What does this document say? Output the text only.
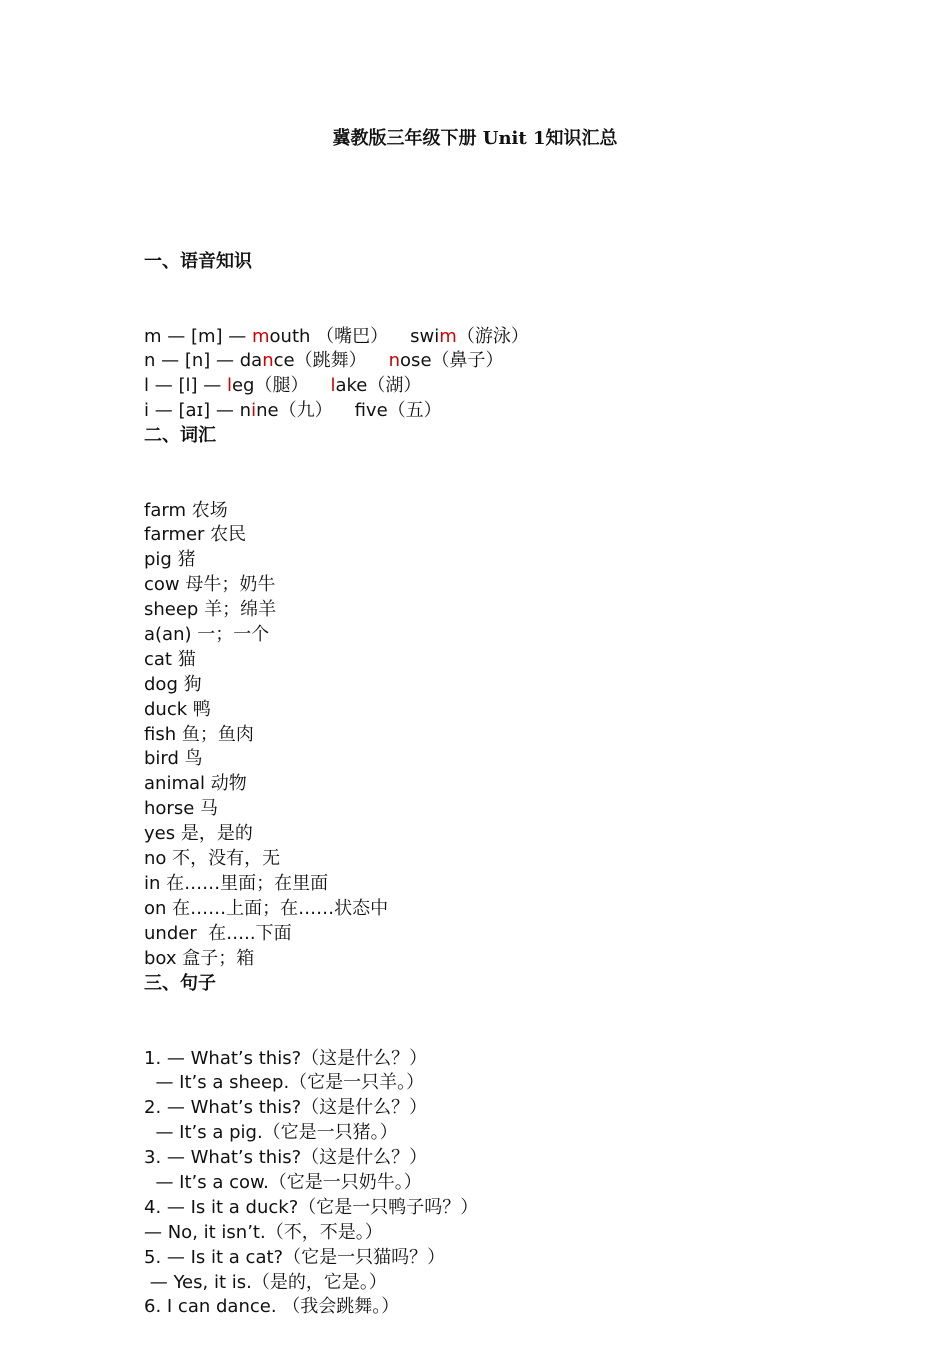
冀教版三年级下册 Unit 1知识汇总

一、语音知识

m — [m] — mouth （嘴巴） swim（游泳）
n — [n] — dance（跳舞） nose（鼻子）
l — [l] — leg（腿） lake（湖）
i — [aɪ] — nine（九） fve（五）

二、词汇

farm 农场
farmer 农民
pig 猪
cow 母牛；奶牛
sheep 羊；绵羊
a(an) 一；一个
cat 猫
dog 狗
duck 鸭
fish 鱼；鱼肉
bird 鸟
animal 动物
horse 马
yes 是，是的
no 不，没有，无
in 在……里面；在里面
on 在……上面；在……状态中
under  在…..下面
box 盒子；箱

三、句子

1. — What’s this?（这是什么？）
— It’s a sheep.（它是一只羊。）
2. — What’s this?（这是什么？）
— It’s a pig.（它是一只猪。）
3. — What’s this?（这是什么？）
— It’s a cow.（它是一只奶牛。）
4. — Is it a duck?（它是一只鸭子吗？）
— No, it isn’t.（不，不是。）
5. — Is it a cat?（它是一只猫吗？）
— Yes, it is.（是的，它是。）
6. I can dance. （我会跳舞。）
